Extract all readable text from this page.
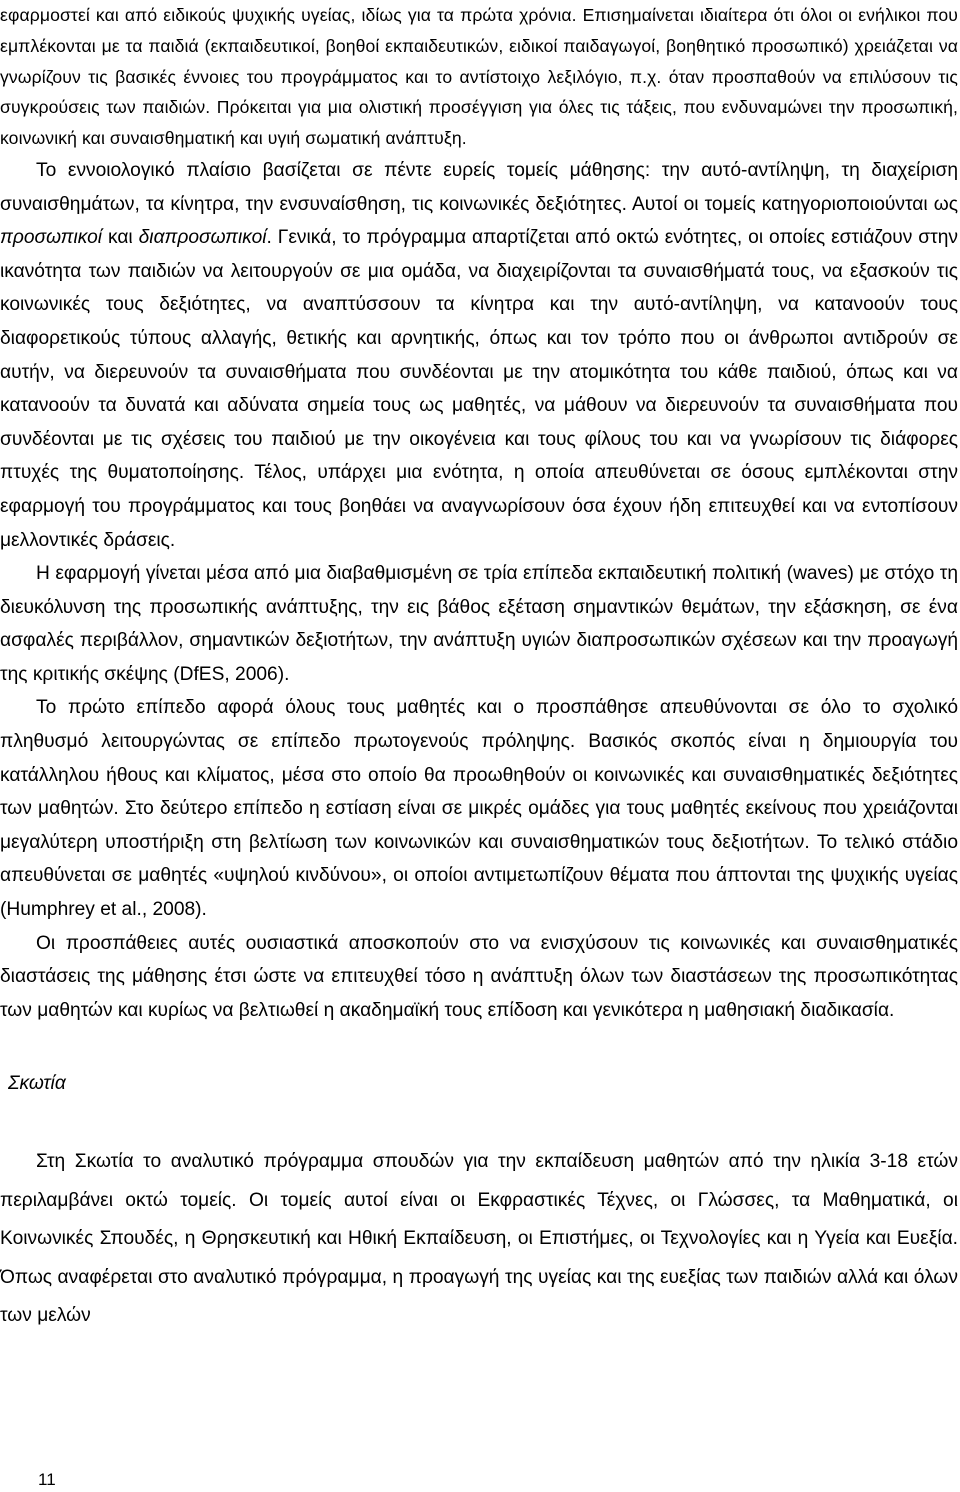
εφαρμοστεί και από ειδικούς ψυχικής υγείας, ιδίως για τα πρώτα χρόνια. Επισημαίνεται ιδιαίτερα ότι όλοι οι ενήλικοι που εμπλέκονται με τα παιδιά (εκπαιδευτικοί, βοηθοί εκπαιδευτικών, ειδικοί παιδαγωγοί, βοηθητικό προσωπικό) χρειάζεται να γνωρίζουν τις βασικές έννοιες του προγράμματος και το αντίστοιχο λεξιλόγιο, π.χ. όταν προσπαθούν να επιλύσουν τις συγκρούσεις των παιδιών. Πρόκειται για μια ολιστική προσέγγιση για όλες τις τάξεις, που ενδυναμώνει την προσωπική, κοινωνική και συναισθηματική και υγιή σωματική ανάπτυξη.

Το εννοιολογικό πλαίσιο βασίζεται σε πέντε ευρείς τομείς μάθησης: την αυτό-αντίληψη, τη διαχείριση συναισθημάτων, τα κίνητρα, την ενσυναίσθηση, τις κοινωνικές δεξιότητες. Αυτοί οι τομείς κατηγοριοποιούνται ως προσωπικοί και διαπροσωπικοί. Γενικά, το πρόγραμμα απαρτίζεται από οκτώ ενότητες, οι οποίες εστιάζουν στην ικανότητα των παιδιών να λειτουργούν σε μια ομάδα, να διαχειρίζονται τα συναισθήματά τους, να εξασκούν τις κοινωνικές τους δεξιότητες, να αναπτύσσουν τα κίνητρα και την αυτό-αντίληψη, να κατανοούν τους διαφορετικούς τύπους αλλαγής, θετικής και αρνητικής, όπως και τον τρόπο που οι άνθρωποι αντιδρούν σε αυτήν, να διερευνούν τα συναισθήματα που συνδέονται με την ατομικότητα του κάθε παιδιού, όπως και να κατανοούν τα δυνατά και αδύνατα σημεία τους ως μαθητές, να μάθουν να διερευνούν τα συναισθήματα που συνδέονται με τις σχέσεις του παιδιού με την οικογένεια και τους φίλους του και να γνωρίσουν τις διάφορες πτυχές της θυματοποίησης. Τέλος, υπάρχει μια ενότητα, η οποία απευθύνεται σε όσους εμπλέκονται στην εφαρμογή του προγράμματος και τους βοηθάει να αναγνωρίσουν όσα έχουν ήδη επιτευχθεί και να εντοπίσουν μελλοντικές δράσεις.

Η εφαρμογή γίνεται μέσα από μια διαβαθμισμένη σε τρία επίπεδα εκπαιδευτική πολιτική (waves) με στόχο τη διευκόλυνση της προσωπικής ανάπτυξης, την εις βάθος εξέταση σημαντικών θεμάτων, την εξάσκηση, σε ένα ασφαλές περιβάλλον, σημαντικών δεξιοτήτων, την ανάπτυξη υγιών διαπροσωπικών σχέσεων και την προαγωγή της κριτικής σκέψης (DfES, 2006).

Το πρώτο επίπεδο αφορά όλους τους μαθητές και ο προσπάθησε απευθύνονται σε όλο το σχολικό πληθυσμό λειτουργώντας σε επίπεδο πρωτογενούς πρόληψης. Βασικός σκοπός είναι η δημιουργία του κατάλληλου ήθους και κλίματος, μέσα στο οποίο θα προωθηθούν οι κοινωνικές και συναισθηματικές δεξιότητες των μαθητών. Στο δεύτερο επίπεδο η εστίαση είναι σε μικρές ομάδες για τους μαθητές εκείνους που χρειάζονται μεγαλύτερη υποστήριξη στη βελτίωση των κοινωνικών και συναισθηματικών τους δεξιοτήτων. Το τελικό στάδιο απευθύνεται σε μαθητές «υψηλού κινδύνου», οι οποίοι αντιμετωπίζουν θέματα που άπτονται της ψυχικής υγείας (Humphrey et al., 2008).

Οι προσπάθειες αυτές ουσιαστικά αποσκοπούν στο να ενισχύσουν τις κοινωνικές και συναισθηματικές διαστάσεις της μάθησης έτσι ώστε να επιτευχθεί τόσο η ανάπτυξη όλων των διαστάσεων της προσωπικότητας των μαθητών και κυρίως να βελτιωθεί η ακαδημαϊκή τους επίδοση και γενικότερα η μαθησιακή διαδικασία.

Σκωτία

Στη Σκωτία το αναλυτικό πρόγραμμα σπουδών για την εκπαίδευση μαθητών από την ηλικία 3-18 ετών περιλαμβάνει οκτώ τομείς. Οι τομείς αυτοί είναι οι Εκφραστικές Τέχνες, οι Γλώσσες, τα Μαθηματικά, οι Κοινωνικές Σπουδές, η Θρησκευτική και Ηθική Εκπαίδευση, οι Επιστήμες, οι Τεχνολογίες και η Υγεία και Ευεξία. Όπως αναφέρεται στο αναλυτικό πρόγραμμα, η προαγωγή της υγείας και της ευεξίας των παιδιών αλλά και όλων των μελών

11
